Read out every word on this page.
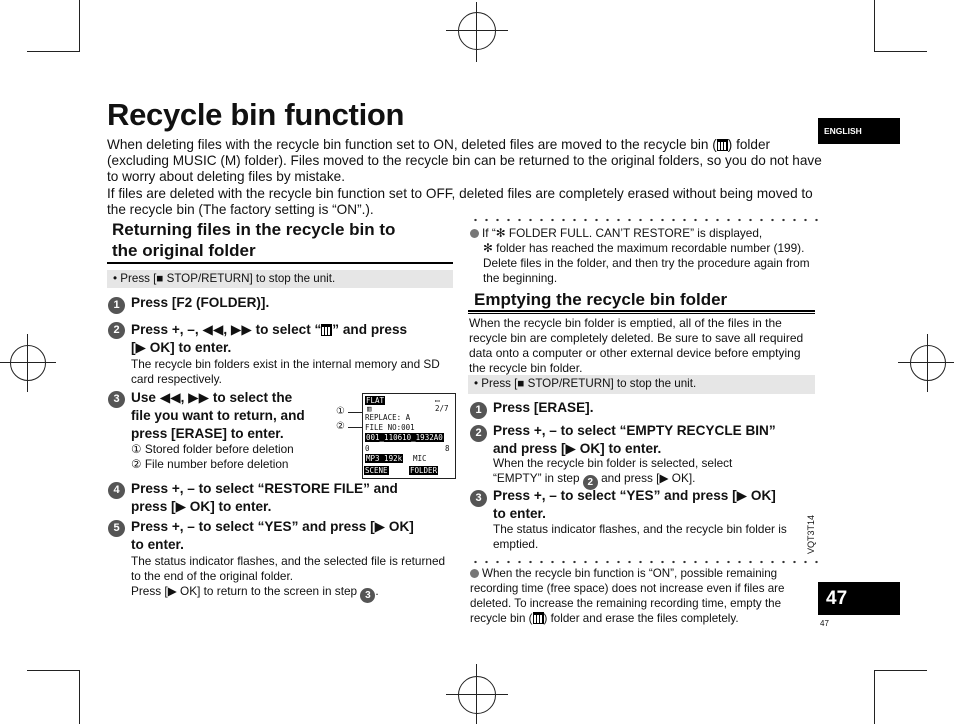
Recycle bin function

When deleting files with the recycle bin function set to ON, deleted files are moved to the recycle bin ( ) folder (excluding MUSIC (M) folder). Files moved to the recycle bin can be returned to the original folders, so you do not have to worry about deleting files by mistake.

If files are deleted with the recycle bin function set to OFF, deleted files are completely erased without being moved to the recycle bin (The factory setting is “ON”.).

ENGLISH
VQT3T14
47
47
Returning files in the recycle bin to
the original folder
• Press [■ STOP/RETURN] to stop the unit.
1 Press [F2 (FOLDER)].
2 Press +, –, ◀◀, ▶▶ to select “ ” and press
[▶ OK] to enter.
The recycle bin folders exist in the internal memory and SD card respectively.
3 Use ◀◀, ▶▶ to select the
file you want to return, and
press [ERASE] to enter.
① Stored folder before deletion
② File number before deletion
①
②
FLAT	▭
▥	2/7
REPLACE: A
FILE NO:001
001_110610_1932A0
0	8
MP3 192k MIC
SCENE	FOLDER
4 Press +, – to select “RESTORE FILE” and
press [▶ OK] to enter.
5 Press +, – to select “YES” and press [▶ OK]
to enter.
The status indicator flashes, and the selected file is returned to the end of the original folder.
Press [▶ OK] to return to the screen in step 3 .
If “✻ FOLDER FULL. CAN’T RESTORE” is displayed,
✻ folder has reached the maximum recordable number (199). Delete files in the folder, and then try the procedure again from the beginning.
Emptying the recycle bin folder
When the recycle bin folder is emptied, all of the files in the recycle bin are completely deleted. Be sure to save all required data onto a computer or other external device before emptying the recycle bin folder.
• Press [■ STOP/RETURN] to stop the unit.
1 Press [ERASE].
2 Press +, – to select “EMPTY RECYCLE BIN”
and press [▶ OK] to enter.
When the recycle bin folder is selected, select
“EMPTY” in step 2 and press [▶ OK].
3 Press +, – to select “YES” and press [▶ OK]
to enter.
The status indicator flashes, and the recycle bin folder is emptied.
When the recycle bin function is “ON”, possible remaining recording time (free space) does not increase even if files are deleted. To increase the remaining recording time, empty the recycle bin ( ) folder and erase the files completely.
